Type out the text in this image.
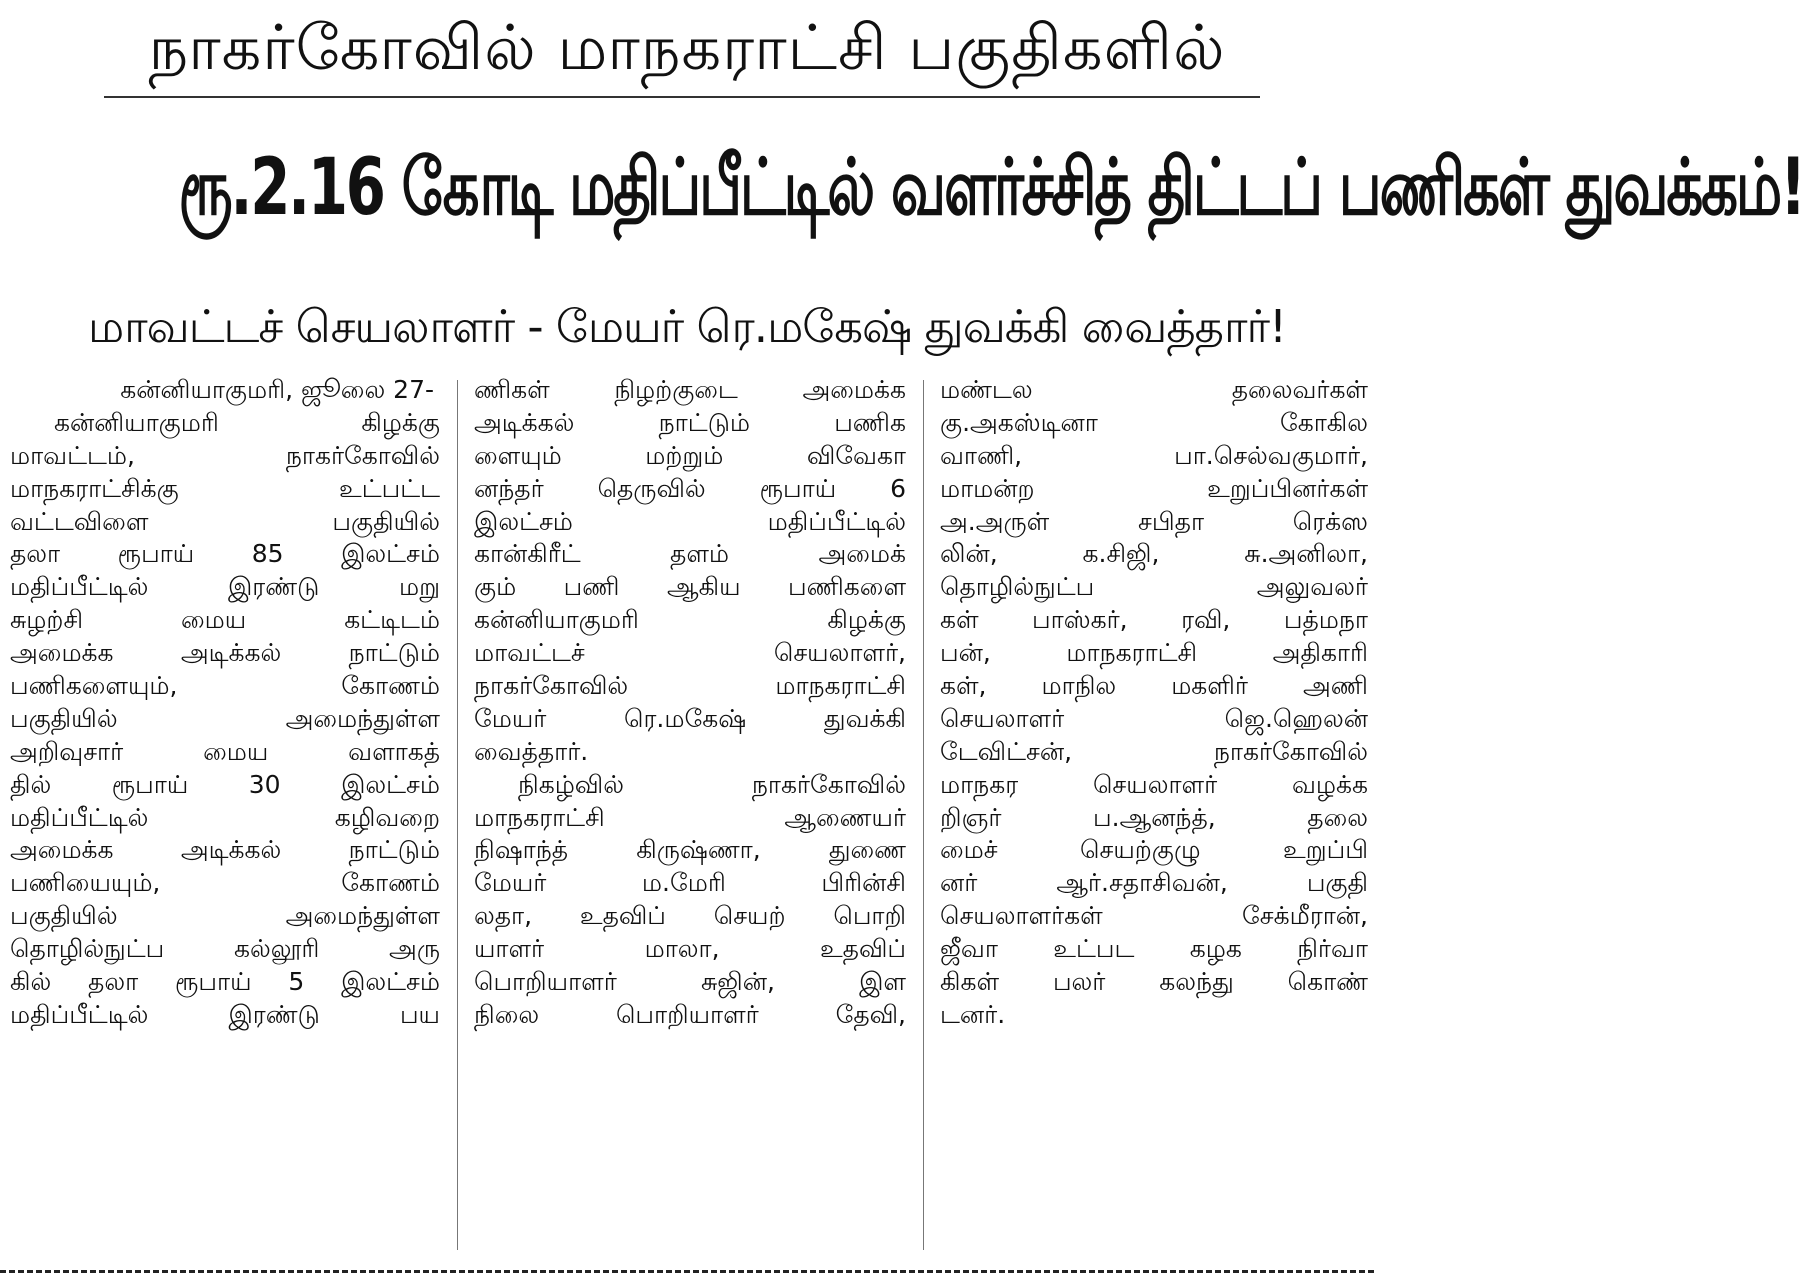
நாகர்கோவில் மாநகராட்சி பகுதிகளில்
ரூ.2.16 கோடி மதிப்பீட்டில் வளர்ச்சித் திட்டப் பணிகள் துவக்கம்!
மாவட்டச் செயலாளர் - மேயர் ரெ.மகேஷ் துவக்கி வைத்தார்!
கன்னியாகுமரி, ஜூலை 27-
கன்னியாகுமரி கிழக்கு
மாவட்டம், நாகர்கோவில்
மாநகராட்சிக்கு உட்பட்ட
வட்டவிளை பகுதியில்
தலா ரூபாய் 85 இலட்சம்
மதிப்பீட்டில் இரண்டு மறு
சுழற்சி மைய கட்டிடம்
அமைக்க அடிக்கல் நாட்டும்
பணிகளையும், கோணம்
பகுதியில் அமைந்துள்ள
அறிவுசார் மைய வளாகத்
தில் ரூபாய் 30 இலட்சம்
மதிப்பீட்டில் கழிவறை
அமைக்க அடிக்கல் நாட்டும்
பணியையும், கோணம்
பகுதியில் அமைந்துள்ள
தொழில்நுட்ப கல்லூரி அரு
கில் தலா ரூபாய் 5 இலட்சம்
மதிப்பீட்டில் இரண்டு பய
ணிகள் நிழற்குடை அமைக்க
அடிக்கல் நாட்டும் பணிக
ளையும் மற்றும் விவேகா
னந்தர் தெருவில் ரூபாய் 6
இலட்சம் மதிப்பீட்டில்
கான்கிரீட் தளம் அமைக்
கும் பணி ஆகிய பணிகளை
கன்னியாகுமரி கிழக்கு
மாவட்டச் செயலாளர்,
நாகர்கோவில் மாநகராட்சி
மேயர் ரெ.மகேஷ் துவக்கி
வைத்தார்.
நிகழ்வில் நாகர்கோவில்
மாநகராட்சி ஆணையர்
நிஷாந்த் கிருஷ்ணா, துணை
மேயர் ம.மேரி பிரின்சி
லதா, உதவிப் செயற் பொறி
யாளர் மாலா, உதவிப்
பொறியாளர் சுஜின், இள
நிலை பொறியாளர் தேவி,
மண்டல தலைவர்கள்
கு.அகஸ்டினா கோகில
வாணி, பா.செல்வகுமார்,
மாமன்ற உறுப்பினர்கள்
அ.அருள் சபிதா ரெக்ஸ
லின், க.சிஜி, சு.அனிலா,
தொழில்நுட்ப அலுவலர்
கள் பாஸ்கர், ரவி, பத்மநா
பன், மாநகராட்சி அதிகாரி
கள், மாநில மகளிர் அணி
செயலாளர் ஜெ.ஹெலன்
டேவிட்சன், நாகர்கோவில்
மாநகர செயலாளர் வழக்க
றிஞர் ப.ஆனந்த், தலை
மைச் செயற்குழு உறுப்பி
னர் ஆர்.சதாசிவன், பகுதி
செயலாளர்கள் சேக்மீரான்,
ஜீவா உட்பட கழக நிர்வா
கிகள் பலர் கலந்து கொண்
டனர்.
